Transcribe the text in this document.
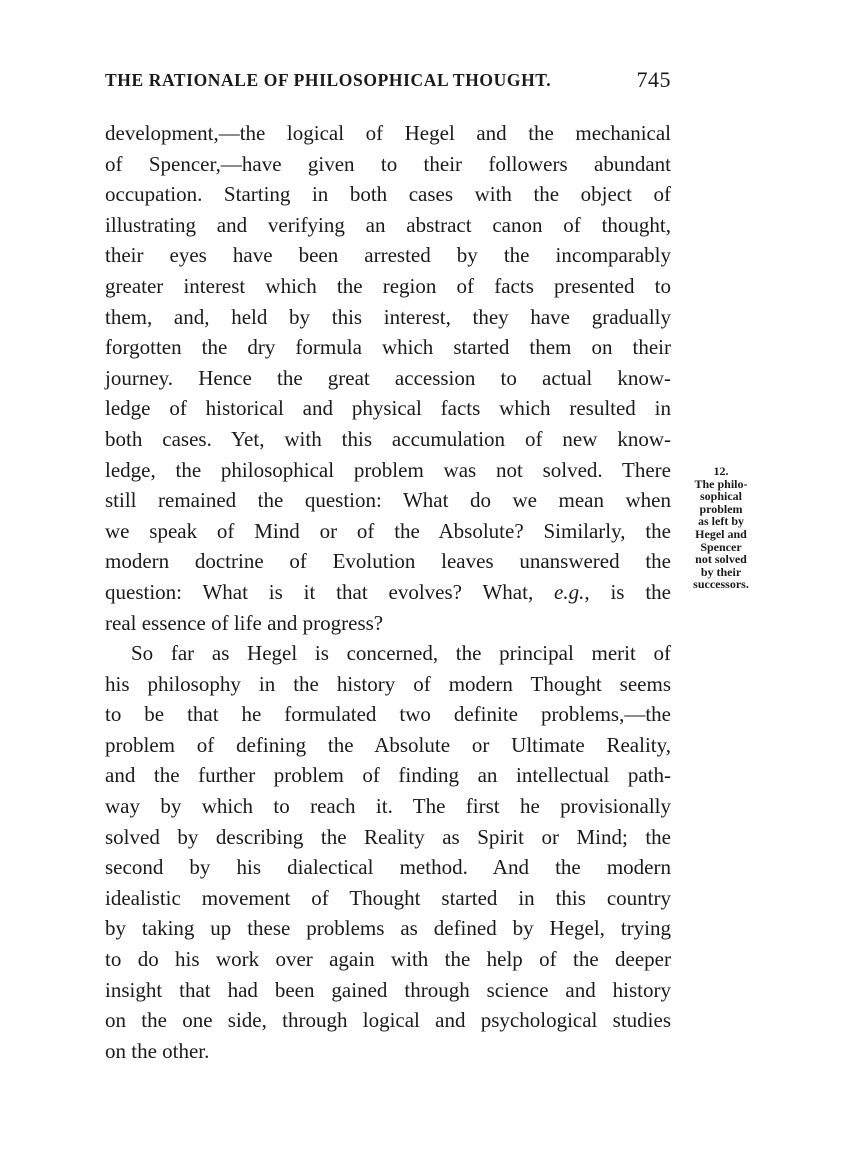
THE RATIONALE OF PHILOSOPHICAL THOUGHT.	745
development,—the logical of Hegel and the mechanical
of Spencer,—have given to their followers abundant
occupation. Starting in both cases with the object of
illustrating and verifying an abstract canon of thought,
their eyes have been arrested by the incomparably
greater interest which the region of facts presented to
them, and, held by this interest, they have gradually
forgotten the dry formula which started them on their
journey. Hence the great accession to actual know-
ledge of historical and physical facts which resulted in
both cases. Yet, with this accumulation of new know-
ledge, the philosophical problem was not solved. There
still remained the question: What do we mean when
we speak of Mind or of the Absolute? Similarly, the
modern doctrine of Evolution leaves unanswered the
question: What is it that evolves? What, e.g., is the
real essence of life and progress?
So far as Hegel is concerned, the principal merit of
his philosophy in the history of modern Thought seems
to be that he formulated two definite problems,—the
problem of defining the Absolute or Ultimate Reality,
and the further problem of finding an intellectual path-
way by which to reach it. The first he provisionally
solved by describing the Reality as Spirit or Mind; the
second by his dialectical method. And the modern
idealistic movement of Thought started in this country
by taking up these problems as defined by Hegel, trying
to do his work over again with the help of the deeper
insight that had been gained through science and history
on the one side, through logical and psychological studies
on the other.
12.
The philo-
sophical
problem
as left by
Hegel and
Spencer
not solved
by their
successors.
